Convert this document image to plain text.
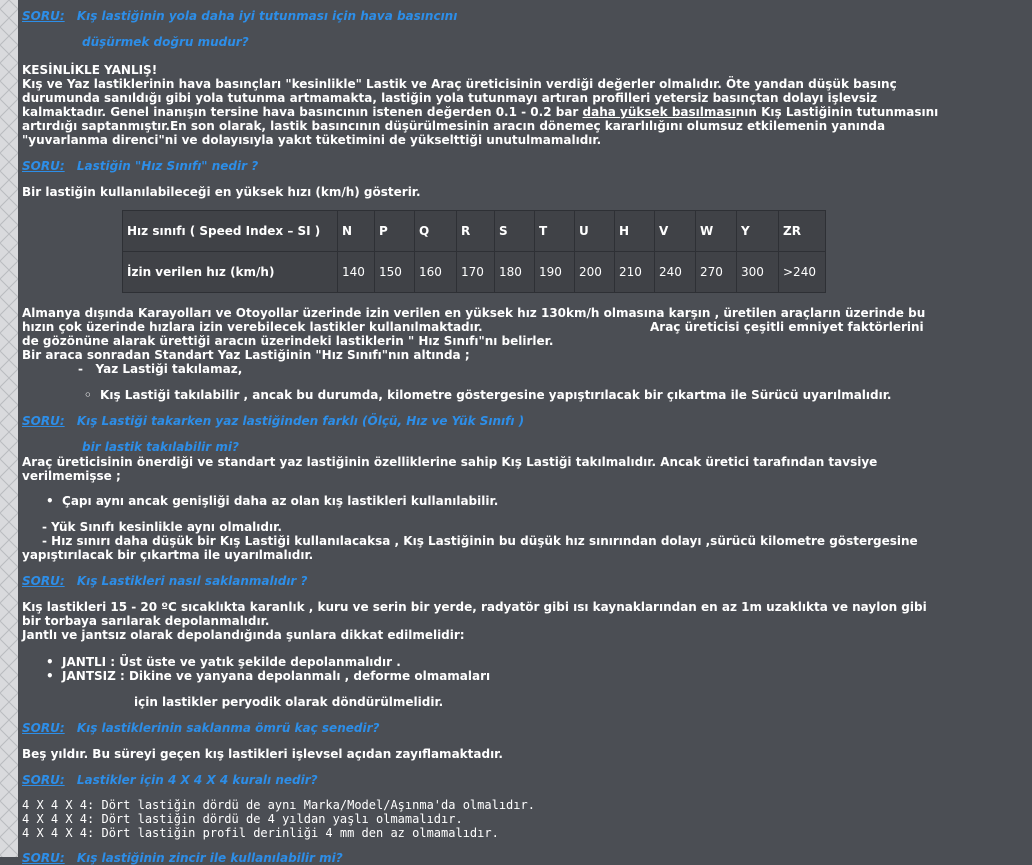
SORU: Kış lastiğinin yola daha iyi tutunması için hava basıncını
düşürmek doğru mudur?
KESİNLİKLE YANLIŞ!
Kış ve Yaz lastiklerinin hava basınçları "kesinlikle" Lastik ve Araç üreticisinin verdiği değerler olmalıdır. Öte yandan düşük basınç
durumunda sanıldığı gibi yola tutunma artmamakta, lastiğin yola tutunmayı artıran profilleri yetersiz basınçtan dolayı işlevsiz
kalmaktadır. Genel inanışın tersine hava basıncının istenen değerden 0.1 - 0.2 bar daha yüksek basılmasının Kış Lastiğinin tutunmasını
artırdığı saptanmıştır.En son olarak, lastik basıncının düşürülmesinin aracın dönemeç kararlılığını olumsuz etkilemenin yanında
"yuvarlanma direnci"ni ve dolayısıyla yakıt tüketimini de yükselttiği unutulmamalıdır.
SORU: Lastiğin "Hız Sınıfı" nedir ?
Bir lastiğin kullanılabileceği en yüksek hızı (km/h) gösterir.
Hız sınıfı ( Speed Index – SI )	N	P	Q	R	S	T	U	H	V	W	Y	ZR
İzin verilen hız (km/h)	140	150	160	170	180	190	200	210	240	270	300	>240
Almanya dışında Karayolları ve Otoyollar üzerinde izin verilen en yüksek hız 130km/h olmasına karşın , üretilen araçların üzerinde bu
hızın çok üzerinde hızlara izin verebilecek lastikler kullanılmaktadır.	Araç üreticisi çeşitli emniyet faktörlerini
de gözönüne alarak ürettiği aracın üzerindeki lastiklerin " Hız Sınıfı"nı belirler.
Bir araca sonradan Standart Yaz Lastiğinin "Hız Sınıfı"nın altında ;
- Yaz Lastiği takılamaz,
◦ Kış Lastiği takılabilir , ancak bu durumda, kilometre göstergesine yapıştırılacak bir çıkartma ile Sürücü uyarılmalıdır.
SORU: Kış Lastiği takarken yaz lastiğinden farklı (Ölçü, Hız ve Yük Sınıfı )
bir lastik takılabilir mi?
Araç üreticisinin önerdiği ve standart yaz lastiğinin özelliklerine sahip Kış Lastiği takılmalıdır. Ancak üretici tarafından tavsiye
verilmemişse ;
• Çapı aynı ancak genişliği daha az olan kış lastikleri kullanılabilir.
- Yük Sınıfı kesinlikle aynı olmalıdır.
- Hız sınırı daha düşük bir Kış Lastiği kullanılacaksa , Kış Lastiğinin bu düşük hız sınırından dolayı ,sürücü kilometre göstergesine
yapıştırılacak bir çıkartma ile uyarılmalıdır.
SORU: Kış Lastikleri nasıl saklanmalıdır ?
Kış lastikleri 15 - 20 ºC sıcaklıkta karanlık , kuru ve serin bir yerde, radyatör gibi ısı kaynaklarından en az 1m uzaklıkta ve naylon gibi
bir torbaya sarılarak depolanmalıdır.
Jantlı ve jantsız olarak depolandığında şunlara dikkat edilmelidir:
• JANTLI : Üst üste ve yatık şekilde depolanmalıdır .
• JANTSIZ : Dikine ve yanyana depolanmalı , deforme olmamaları
için lastikler peryodik olarak döndürülmelidir.
SORU: Kış lastiklerinin saklanma ömrü kaç senedir?
Beş yıldır. Bu süreyi geçen kış lastikleri işlevsel açıdan zayıflamaktadır.
SORU: Lastikler için 4 X 4 X 4 kuralı nedir?
4 X 4 X 4: Dört lastiğin dördü de aynı Marka/Model/Aşınma'da olmalıdır.
4 X 4 X 4: Dört lastiğin dördü de 4 yıldan yaşlı olmamalıdır.
4 X 4 X 4: Dört lastiğin profil derinliği 4 mm den az olmamalıdır.
SORU: Kış lastiğinin zincir ile kullanılabilir mi?
